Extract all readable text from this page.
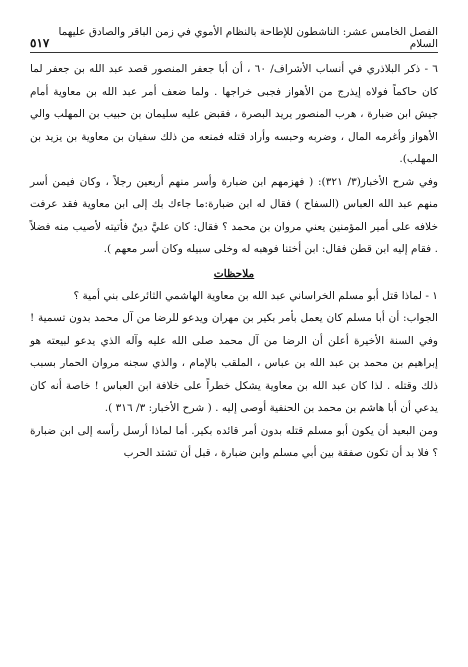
الفصل الخامس عشر: الناشطون للإطاحة بالنظام الأموي في زمن الباقر والصادق عليهما السلام
٥١٧

٦ - ذكر البلاذري في أنساب الأشراف/ ٦٠ ، أن أبا جعفر المنصور قصد عبد الله بن جعفر لما كان حاكماً فولاه إيذرج من الأهواز فجبى خراجها . ولما ضعف أمر عبد الله بن معاوية أمام جيش ابن ضبارة ، هرب المنصور يريد البصرة ، فقبض عليه سليمان بن حبيب بن المهلب والي الأهواز وأغرمه المال ، وضربه وحبسه وأراد قتله فمنعه من ذلك سفيان بن معاوية بن يزيد بن المهلب).

وفي شرح الأخبار(٣/ ٣٢١): ( فهزمهم ابن ضبارة وأسر منهم أربعين رجلاً ، وكان فيمن أسر منهم عبد الله العباس (السفاح ) فقال له ابن ضبارة:ما جاءك بك إلى ابن معاوية فقد عرفت خلافه على أمير المؤمنين يعني مروان بن محمد ؟ فقال: كان عليَّ دينٌ فأتيته لأصيب منه فضلاً . فقام إليه ابن قطن فقال: ابن أختنا فوهبه له وخلى سبيله وكان أسر معهم ).

ملاحظات

١ - لماذا قتل أبو مسلم الخراساني عبد الله بن معاوية الهاشمي الثائرعلى بني أمية ؟

الجواب: أن أبا مسلم كان يعمل بأمر بكير بن مهران ويدعو للرضا من آل محمد بدون تسمية ! وفي السنة الأخيرة أعلن أن الرضا من آل محمد صلى الله عليه وآله الذي يدعو لبيعته هو إبراهيم بن محمد بن عبد الله بن عباس ، الملقب بالإمام ، والذي سجنه مروان الحمار بسبب ذلك وقتله . لذا كان عبد الله بن معاوية يشكل خطراً على خلافة ابن العباس ! خاصة أنه كان يدعي أن أبا هاشم بن محمد بن الحنفية أوصى إليه . ( شرح الأخبار: ٣/ ٣١٦ ).

ومن البعيد أن يكون أبو مسلم قتله بدون أمر قائده بكير. أما لماذا أرسل رأسه إلى ابن ضبارة ؟ فلا بد أن تكون صفقة بين أبي مسلم وابن ضبارة ، قبل أن تشتد الحرب
